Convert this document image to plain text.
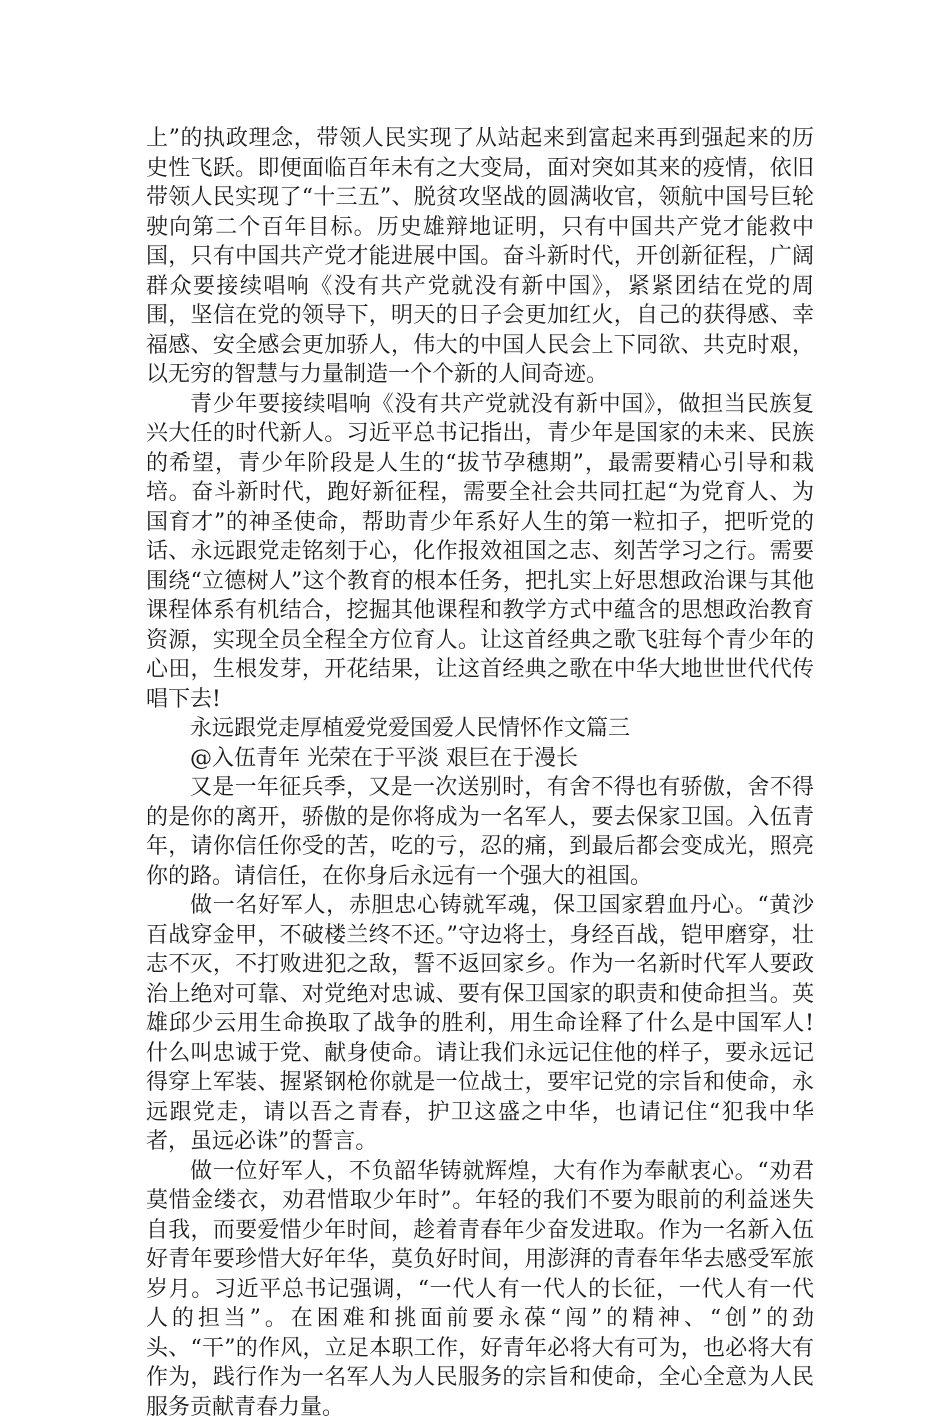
上”的执政理念，带领人民实现了从站起来到富起来再到强起来的历史性飞跃。即便面临百年未有之大变局，面对突如其来的疫情，依旧带领人民实现了“十三五”、脱贫攻坚战的圆满收官，领航中国号巨轮驶向第二个百年目标。历史雄辩地证明，只有中国共产党才能救中国，只有中国共产党才能进展中国。奋斗新时代，开创新征程，广阔群众要接续唱响《没有共产党就没有新中国》，紧紧团结在党的周围，坚信在党的领导下，明天的日子会更加红火，自己的获得感、幸福感、安全感会更加骄人，伟大的中国人民会上下同欲、共克时艰，以无穷的智慧与力量制造一个个新的人间奇迹。

青少年要接续唱响《没有共产党就没有新中国》，做担当民族复兴大任的时代新人。习近平总书记指出，青少年是国家的未来、民族的希望，青少年阶段是人生的“拔节孕穗期”，最需要精心引导和栽培。奋斗新时代，跑好新征程，需要全社会共同扛起“为党育人、为国育才”的神圣使命，帮助青少年系好人生的第一粒扣子，把听党的话、永远跟党走铭刻于心，化作报效祖国之志、刻苦学习之行。需要围绕“立德树人”这个教育的根本任务，把扎实上好思想政治课与其他课程体系有机结合，挖掘其他课程和教学方式中蕴含的思想政治教育资源，实现全员全程全方位育人。让这首经典之歌飞驻每个青少年的心田，生根发芽，开花结果，让这首经典之歌在中华大地世世代代传唱下去!

永远跟党走厚植爱党爱国爱人民情怀作文篇三

@入伍青年 光荣在于平淡 艰巨在于漫长

又是一年征兵季，又是一次送别时，有舍不得也有骄傲，舍不得的是你的离开，骄傲的是你将成为一名军人，要去保家卫国。入伍青年，请你信任你受的苦，吃的亏，忍的痛，到最后都会变成光，照亮你的路。请信任，在你身后永远有一个强大的祖国。

做一名好军人，赤胆忠心铸就军魂，保卫国家碧血丹心。“黄沙百战穿金甲，不破楼兰终不还。”守边将士，身经百战，铠甲磨穿，壮志不灭，不打败进犯之敌，誓不返回家乡。作为一名新时代军人要政治上绝对可靠、对党绝对忠诚、要有保卫国家的职责和使命担当。英雄邱少云用生命换取了战争的胜利，用生命诠释了什么是中国军人!什么叫忠诚于党、献身使命。请让我们永远记住他的样子，要永远记得穿上军装、握紧钢枪你就是一位战士，要牢记党的宗旨和使命，永远跟党走，请以吾之青春，护卫这盛之中华，也请记住“犯我中华者，虽远必诛”的誓言。

做一位好军人，不负韶华铸就辉煌，大有作为奉献衷心。“劝君莫惜金缕衣，劝君惜取少年时”。年轻的我们不要为眼前的利益迷失自我，而要爱惜少年时间，趁着青春年少奋发进取。作为一名新入伍好青年要珍惜大好年华，莫负好时间，用澎湃的青春年华去感受军旅岁月。习近平总书记强调，“一代人有一代人的长征，一代人有一代人的担当”。在困难和挑面前要永葆“闯”的精神、“创”的劲头、“干”的作风，立足本职工作，好青年必将大有可为，也必将大有作为，践行作为一名军人为人民服务的宗旨和使命，全心全意为人民服务贡献青春力量。
